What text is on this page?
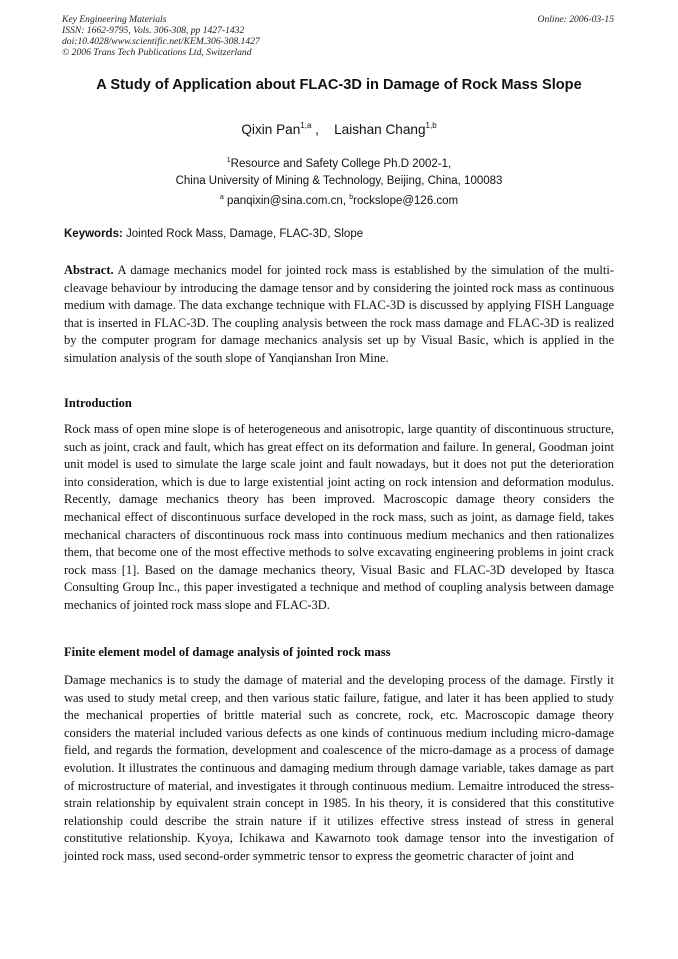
Key Engineering Materials
ISSN: 1662-9795, Vols. 306-308, pp 1427-1432
doi:10.4028/www.scientific.net/KEM.306-308.1427
© 2006 Trans Tech Publications Ltd, Switzerland
Online: 2006-03-15
A Study of Application about FLAC-3D in Damage of Rock Mass Slope
Qixin Pan$^{1,a}$ , Laishan Chang$^{1,b}$
$^1$Resource and Safety College Ph.D 2002-1,
China University of Mining & Technology, Beijing, China, 100083
$^a$ panqixin@sina.com.cn, $^b$rockslope@126.com
Keywords: Jointed Rock Mass, Damage, FLAC-3D, Slope
Abstract. A damage mechanics model for jointed rock mass is established by the simulation of the multi-cleavage behaviour by introducing the damage tensor and by considering the jointed rock mass as continuous medium with damage. The data exchange technique with FLAC-3D is discussed by applying FISH Language that is inserted in FLAC-3D. The coupling analysis between the rock mass damage and FLAC-3D is realized by the computer program for damage mechanics analysis set up by Visual Basic, which is applied in the simulation analysis of the south slope of Yanqianshan Iron Mine.
Introduction
Rock mass of open mine slope is of heterogeneous and anisotropic, large quantity of discontinuous structure, such as joint, crack and fault, which has great effect on its deformation and failure. In general, Goodman joint unit model is used to simulate the large scale joint and fault nowadays, but it does not put the deterioration into consideration, which is due to large existential joint acting on rock intension and deformation modulus. Recently, damage mechanics theory has been improved. Macroscopic damage theory considers the mechanical effect of discontinuous surface developed in the rock mass, such as joint, as damage field, takes mechanical characters of discontinuous rock mass into continuous medium mechanics and then rationalizes them, that become one of the most effective methods to solve excavating engineering problems in joint crack rock mass [1]. Based on the damage mechanics theory, Visual Basic and FLAC-3D developed by Itasca Consulting Group Inc., this paper investigated a technique and method of coupling analysis between damage mechanics of jointed rock mass slope and FLAC-3D.
Finite element model of damage analysis of jointed rock mass
Damage mechanics is to study the damage of material and the developing process of the damage. Firstly it was used to study metal creep, and then various static failure, fatigue, and later it has been applied to study the mechanical properties of brittle material such as concrete, rock, etc. Macroscopic damage theory considers the material included various defects as one kinds of continuous medium including micro-damage field, and regards the formation, development and coalescence of the micro-damage as a process of damage evolution. It illustrates the continuous and damaging medium through damage variable, takes damage as part of microstructure of material, and investigates it through continuous medium. Lemaitre introduced the stress-strain relationship by equivalent strain concept in 1985. In his theory, it is considered that this constitutive relationship could describe the strain nature if it utilizes effective stress instead of stress in general constitutive relationship. Kyoya, Ichikawa and Kawarnoto took damage tensor into the investigation of jointed rock mass, used second-order symmetric tensor to express the geometric character of joint and
